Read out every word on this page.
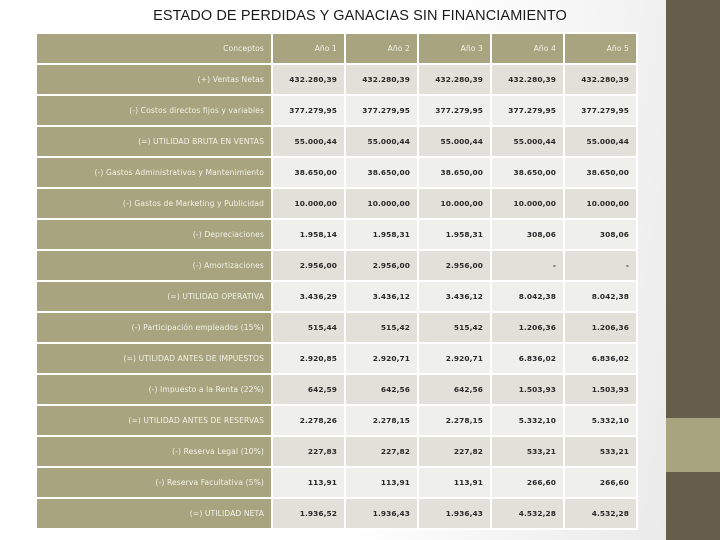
ESTADO DE PERDIDAS Y GANACIAS SIN FINANCIAMIENTO
Conceptos	Año 1	Año 2	Año 3	Año 4	Año 5
(+) Ventas Netas	432.280,39	432.280,39	432.280,39	432.280,39	432.280,39
(-) Costos directos fijos y variables	377.279,95	377.279,95	377.279,95	377.279,95	377.279,95
(=) UTILIDAD BRUTA EN VENTAS	55.000,44	55.000,44	55.000,44	55.000,44	55.000,44
(-) Gastos Administrativos y Mantenimiento	38.650,00	38.650,00	38.650,00	38.650,00	38.650,00
(-) Gastos de Marketing y Publicidad	10.000,00	10.000,00	10.000,00	10.000,00	10.000,00
(-) Depreciaciones	1.958,14	1.958,31	1.958,31	308,06	308,06
(-) Amortizaciones	2.956,00	2.956,00	2.956,00	-	-
(=) UTILIDAD OPERATIVA	3.436,29	3.436,12	3.436,12	8.042,38	8.042,38
(-) Participación empleados (15%)	515,44	515,42	515,42	1.206,36	1.206,36
(=) UTILIDAD ANTES DE IMPUESTOS	2.920,85	2.920,71	2.920,71	6.836,02	6.836,02
(-) Impuesto a la Renta (22%)	642,59	642,56	642,56	1.503,93	1.503,93
(=) UTILIDAD ANTES DE RESERVAS	2.278,26	2.278,15	2.278,15	5.332,10	5.332,10
(-) Reserva Legal (10%)	227,83	227,82	227,82	533,21	533,21
(-) Reserva Facultativa (5%)	113,91	113,91	113,91	266,60	266,60
(=) UTILIDAD NETA	1.936,52	1.936,43	1.936,43	4.532,28	4.532,28
